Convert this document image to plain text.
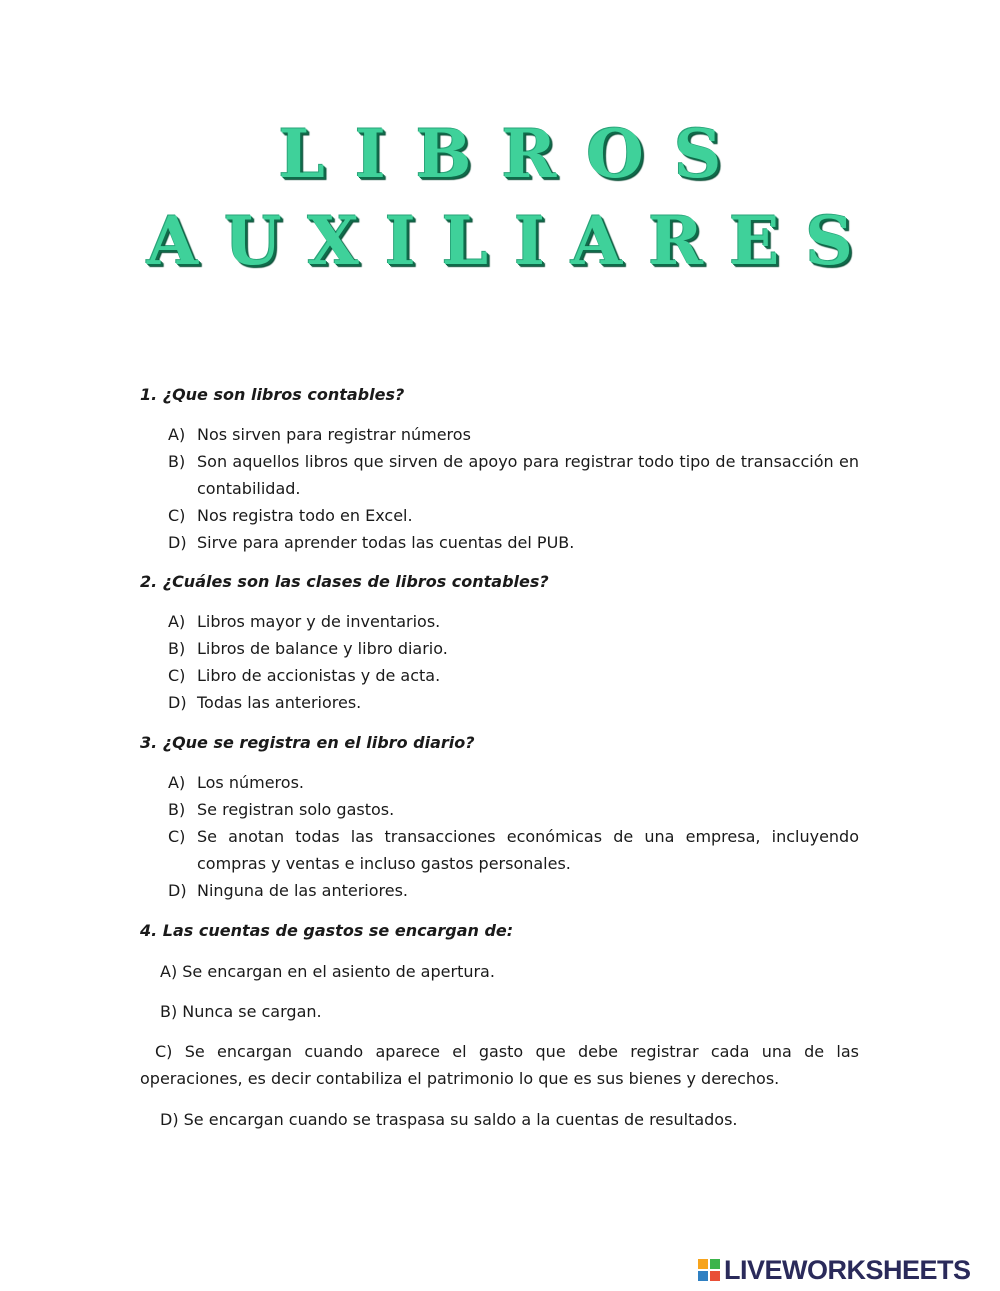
LIBROS
AUXILIARES
1. ¿Que son libros contables?
A) Nos sirven para registrar números
B) Son aquellos libros que sirven de apoyo para registrar todo tipo de transacción en contabilidad.
C) Nos registra todo en Excel.
D) Sirve para aprender todas las cuentas del PUB.
2. ¿Cuáles son las clases de libros contables?
A) Libros mayor y de inventarios.
B) Libros de balance y libro diario.
C) Libro de accionistas y de acta.
D) Todas las anteriores.
3. ¿Que se registra en el libro diario?
A) Los números.
B) Se registran solo gastos.
C) Se anotan todas las transacciones económicas de una empresa, incluyendo compras y ventas e incluso gastos personales.
D) Ninguna de las anteriores.
4. Las cuentas de gastos se encargan de:
A) Se encargan en el asiento de apertura.
B) Nunca se cargan.
C) Se encargan cuando aparece el gasto que debe registrar cada una de las operaciones, es decir contabiliza el patrimonio lo que es sus bienes y derechos.
D) Se encargan cuando se traspasa su saldo a la cuentas de resultados.
LIVEWORKSHEETS
